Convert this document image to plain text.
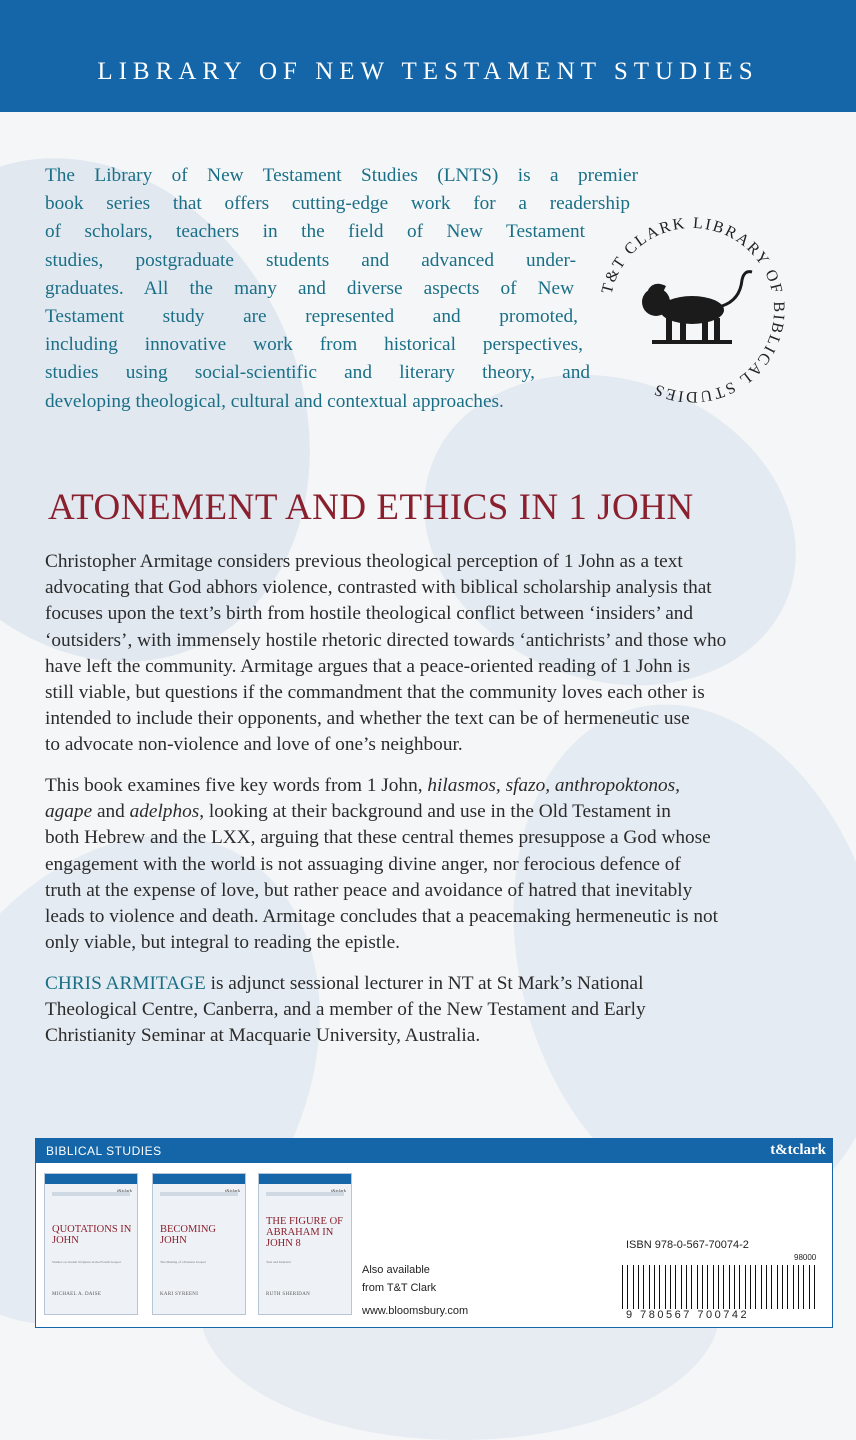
LIBRARY OF NEW TESTAMENT STUDIES
The Library of New Testament Studies (LNTS) is a premier
book series that offers cutting-edge work for a readership
of scholars, teachers in the field of New Testament
studies, postgraduate students and advanced under-
graduates. All the many and diverse aspects of New
Testament study are represented and promoted,
including innovative work from historical perspectives,
studies using social-scientific and literary theory, and
developing theological, cultural and contextual approaches.
T&T CLARK LIBRARY OF BIBLICAL STUDIES
ATONEMENT AND ETHICS IN 1 JOHN
Christopher Armitage considers previous theological perception of 1 John as a text
advocating that God abhors violence, contrasted with biblical scholarship analysis that
focuses upon the text’s birth from hostile theological conflict between ‘insiders’ and
‘outsiders’, with immensely hostile rhetoric directed towards ‘antichrists’ and those who
have left the community. Armitage argues that a peace-oriented reading of 1 John is
still viable, but questions if the commandment that the community loves each other is
intended to include their opponents, and whether the text can be of hermeneutic use
to advocate non-violence and love of one’s neighbour.
This book examines five key words from 1 John, hilasmos, sfazo, anthropoktonos,
agape and adelphos, looking at their background and use in the Old Testament in
both Hebrew and the LXX, arguing that these central themes presuppose a God whose
engagement with the world is not assuaging divine anger, nor ferocious defence of
truth at the expense of love, but rather peace and avoidance of hatred that inevitably
leads to violence and death. Armitage concludes that a peacemaking hermeneutic is not
only viable, but integral to reading the epistle.
CHRIS ARMITAGE is adjunct sessional lecturer in NT at St Mark’s National
Theological Centre, Canberra, and a member of the New Testament and Early
Christianity Seminar at Macquarie University, Australia.
BIBLICAL STUDIES	t&tclark
t&tclark
QUOTATIONS IN JOHN
Studies on Jewish Scripture in the Fourth Gospel
MICHAEL A. DAISE
t&tclark
BECOMING JOHN
The Making of a Passion Gospel
KARI SYREENI
t&tclark
THE FIGURE OF ABRAHAM IN JOHN 8
Text and Intertext
RUTH SHERIDAN
Also available
from T&T Clark
www.bloomsbury.com
ISBN 978-0-567-70074-2
98000
9 780567 700742
